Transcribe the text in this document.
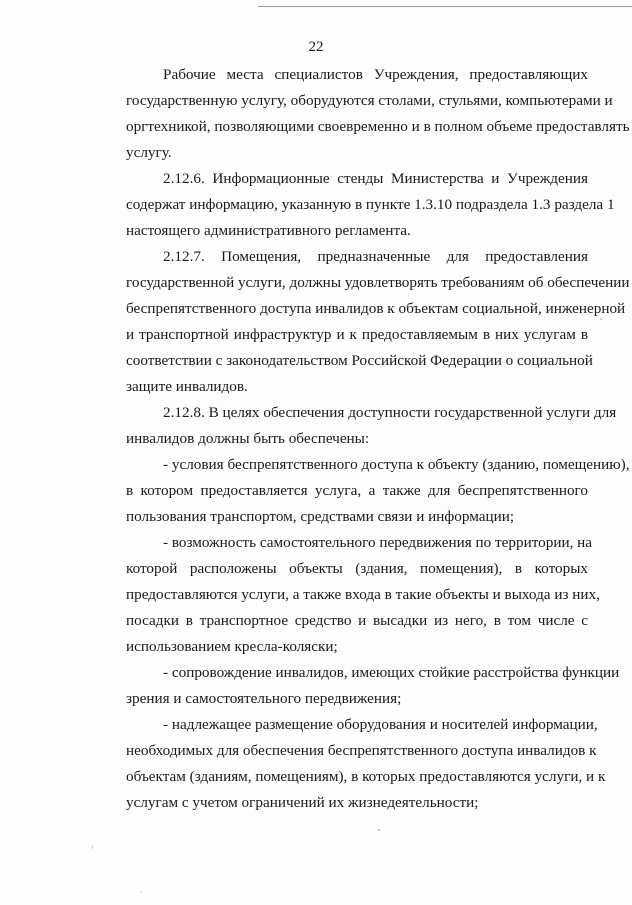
22
Рабочие места специалистов Учреждения, предоставляющих
государственную услугу, оборудуются столами, стульями, компьютерами и
оргтехникой, позволяющими своевременно и в полном объеме предоставлять
услугу.
2.12.6. Информационные стенды Министерства и Учреждения
содержат информацию, указанную в пункте 1.3.10 подраздела 1.3 раздела 1
настоящего административного регламента.
2.12.7. Помещения, предназначенные для предоставления
государственной услуги, должны удовлетворять требованиям об обеспечении
беспрепятственного доступа инвалидов к объектам социальной, инженерной
и транспортной инфраструктур и к предоставляемым в них услугам в
соответствии с законодательством Российской Федерации о социальной
защите инвалидов.
2.12.8. В целях обеспечения доступности государственной услуги для
инвалидов должны быть обеспечены:
- условия беспрепятственного доступа к объекту (зданию, помещению),
в котором предоставляется услуга, а также для беспрепятственного
пользования транспортом, средствами связи и информации;
- возможность самостоятельного передвижения по территории, на
которой расположены объекты (здания, помещения), в которых
предоставляются услуги, а также входа в такие объекты и выхода из них,
посадки в транспортное средство и высадки из него, в том числе с
использованием кресла-коляски;
- сопровождение инвалидов, имеющих стойкие расстройства функции
зрения и самостоятельного передвижения;
- надлежащее размещение оборудования и носителей информации,
необходимых для обеспечения беспрепятственного доступа инвалидов к
объектам (зданиям, помещениям), в которых предоставляются услуги, и к
услугам с учетом ограничений их жизнедеятельности;
